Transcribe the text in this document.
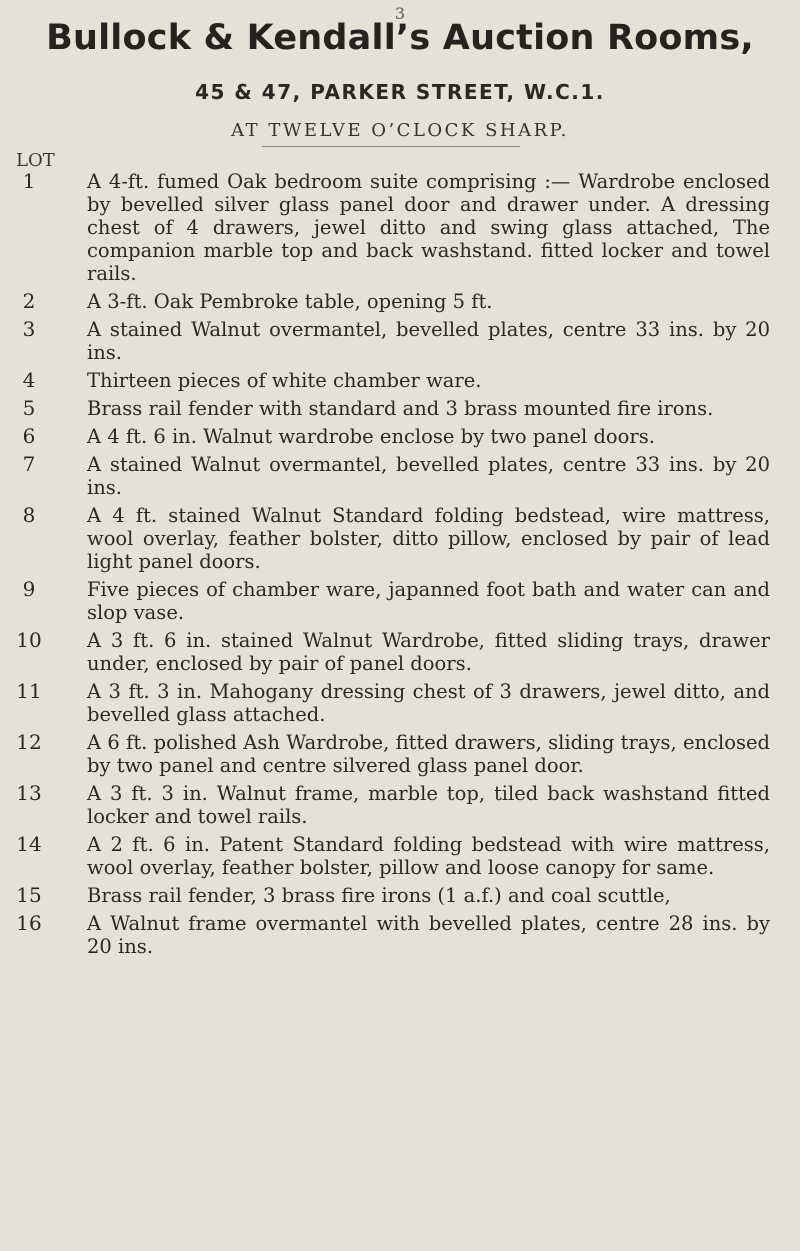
3
Bullock & Kendall’s Auction Rooms,
45 & 47, PARKER STREET, W.C.1.
AT TWELVE O’CLOCK SHARP.
LOT
1	A 4-ft. fumed Oak bedroom suite comprising :— Wardrobe enclosed by bevelled silver glass panel door and drawer under. A dressing chest of 4 drawers, jewel ditto and swing glass attached, The companion marble top and back washstand. fitted locker and towel rails.
2	A 3-ft. Oak Pembroke table, opening 5 ft.
3	A stained Walnut overmantel, bevelled plates, centre 33 ins. by 20 ins.
4	Thirteen pieces of white chamber ware.
5	Brass rail fender with standard and 3 brass mounted fire irons.
6	A 4 ft. 6 in. Walnut wardrobe enclose by two panel doors.
7	A stained Walnut overmantel, bevelled plates, centre 33 ins. by 20 ins.
8	A 4 ft. stained Walnut Standard folding bedstead, wire mattress, wool overlay, feather bolster, ditto pillow, enclosed by pair of lead light panel doors.
9	Five pieces of chamber ware, japanned foot bath and water can and slop vase.
10	A 3 ft. 6 in. stained Walnut Wardrobe, fitted sliding trays, drawer under, enclosed by pair of panel doors.
11	A 3 ft. 3 in. Mahogany dressing chest of 3 drawers, jewel ditto, and bevelled glass attached.
12	A 6 ft. polished Ash Wardrobe, fitted drawers, sliding trays, enclosed by two panel and centre silvered glass panel door.
13	A 3 ft. 3 in. Walnut frame, marble top, tiled back washstand fitted locker and towel rails.
14	A 2 ft. 6 in. Patent Standard folding bedstead with wire mattress, wool overlay, feather bolster, pillow and loose canopy for same.
15	Brass rail fender, 3 brass fire irons (1 a.f.) and coal scuttle,
16	A Walnut frame overmantel with bevelled plates, centre 28 ins. by 20 ins.
